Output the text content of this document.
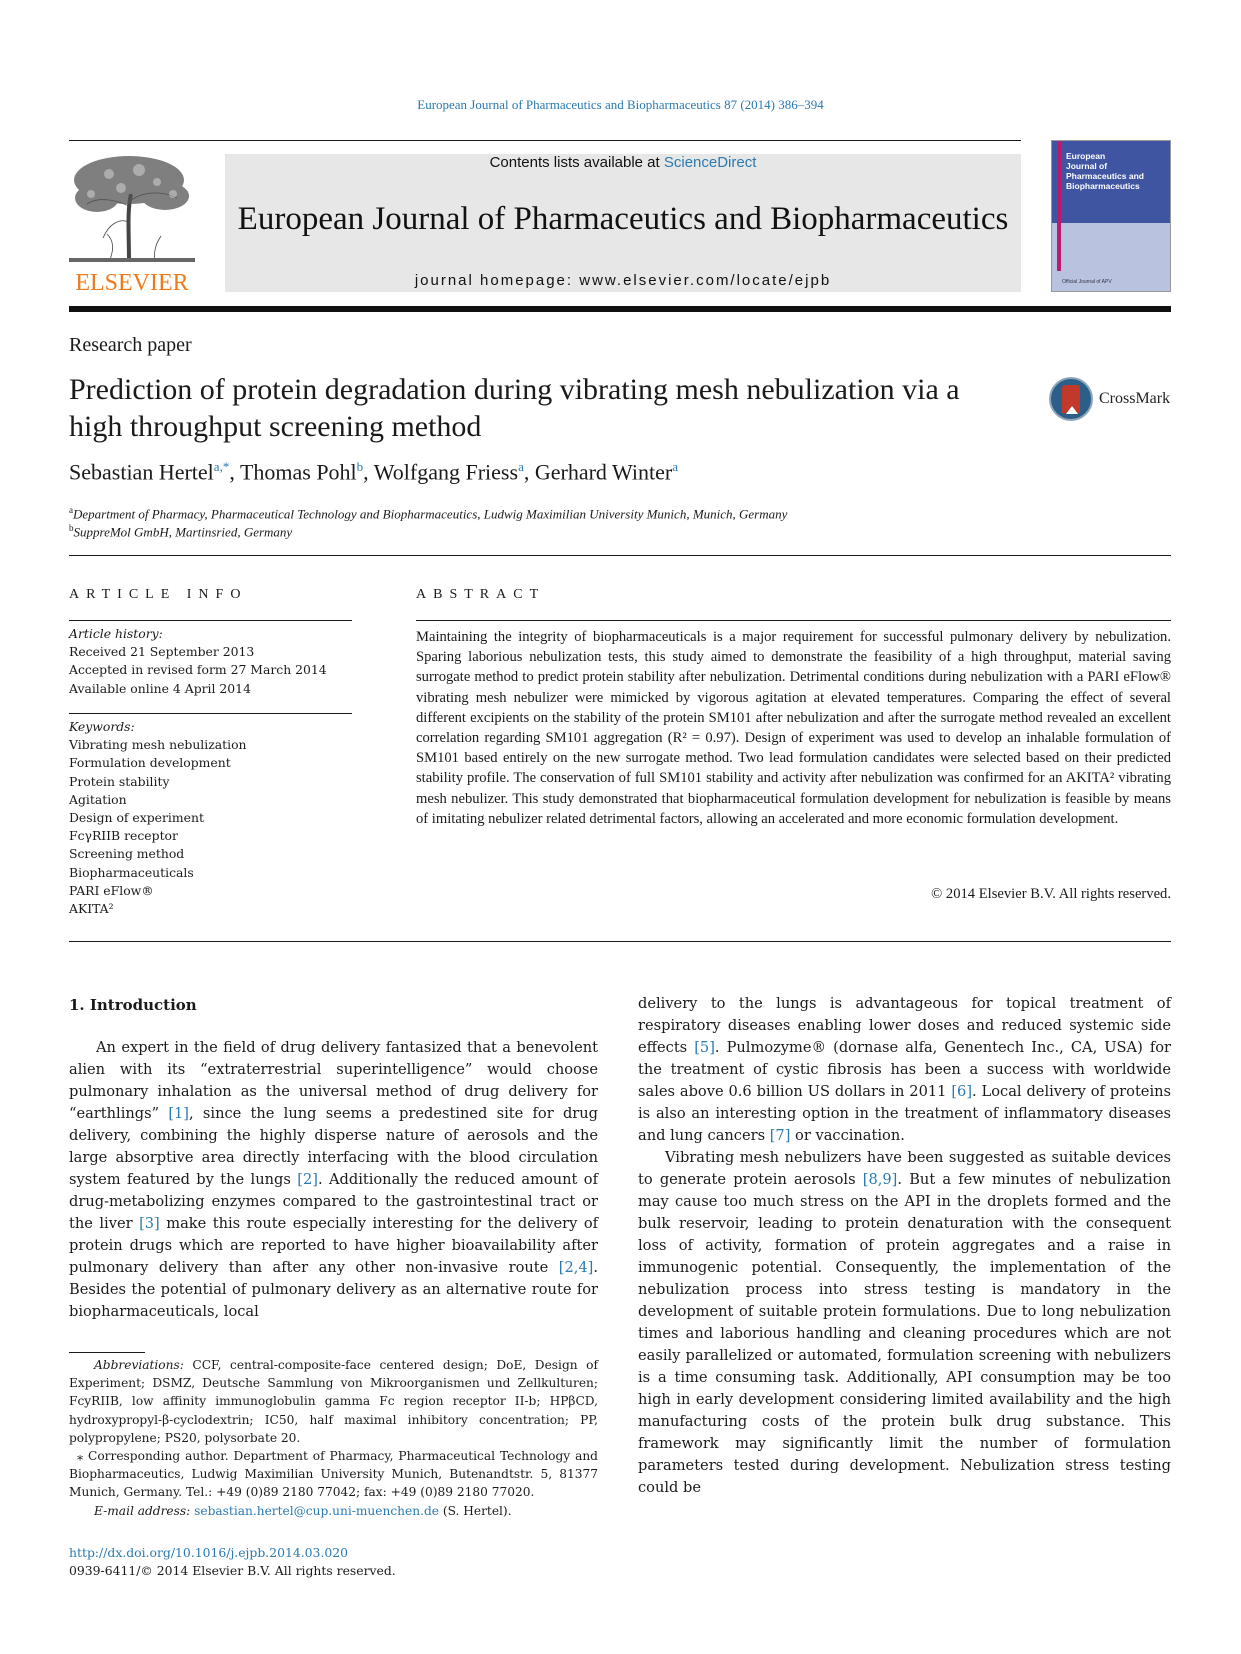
European Journal of Pharmaceutics and Biopharmaceutics 87 (2014) 386–394
ELSEVIER
Contents lists available at ScienceDirect
European Journal of Pharmaceutics and Biopharmaceutics
journal homepage: www.elsevier.com/locate/ejpb
European
Journal of
Pharmaceutics and
Biopharmaceutics
Official Journal of APV
Research paper
Prediction of protein degradation during vibrating mesh nebulization via a high throughput screening method
CrossMark
Sebastian Hertel$^{a,*}$, Thomas Pohl$^b$, Wolfgang Friess$^a$, Gerhard Winter$^a$
$^a$Department of Pharmacy, Pharmaceutical Technology and Biopharmaceutics, Ludwig Maximilian University Munich, Munich, Germany
$^b$SuppreMol GmbH, Martinsried, Germany
ARTICLE INFO
Article history:
Received 21 September 2013
Accepted in revised form 27 March 2014
Available online 4 April 2014
Keywords:
Vibrating mesh nebulization
Formulation development
Protein stability
Agitation
Design of experiment
FcγRIIB receptor
Screening method
Biopharmaceuticals
PARI eFlow®
AKITA²
ABSTRACT
Maintaining the integrity of biopharmaceuticals is a major requirement for successful pulmonary delivery by nebulization. Sparing laborious nebulization tests, this study aimed to demonstrate the feasibility of a high throughput, material saving surrogate method to predict protein stability after nebulization. Detrimental conditions during nebulization with a PARI eFlow® vibrating mesh nebulizer were mimicked by vigorous agitation at elevated temperatures. Comparing the effect of several different excipients on the stability of the protein SM101 after nebulization and after the surrogate method revealed an excellent correlation regarding SM101 aggregation (R² = 0.97). Design of experiment was used to develop an inhalable formulation of SM101 based entirely on the new surrogate method. Two lead formulation candidates were selected based on their predicted stability profile. The conservation of full SM101 stability and activity after nebulization was confirmed for an AKITA² vibrating mesh nebulizer. This study demonstrated that biopharmaceutical formulation development for nebulization is feasible by means of imitating nebulizer related detrimental factors, allowing an accelerated and more economic formulation development.
© 2014 Elsevier B.V. All rights reserved.
1. Introduction

An expert in the field of drug delivery fantasized that a benevolent alien with its “extraterrestrial superintelligence” would choose pulmonary inhalation as the universal method of drug delivery for “earthlings” [1], since the lung seems a predestined site for drug delivery, combining the highly disperse nature of aerosols and the large absorptive area directly interfacing with the blood circulation system featured by the lungs [2]. Additionally the reduced amount of drug-metabolizing enzymes compared to the gastrointestinal tract or the liver [3] make this route especially interesting for the delivery of protein drugs which are reported to have higher bioavailability after pulmonary delivery than after any other non-invasive route [2,4]. Besides the potential of pulmonary delivery as an alternative route for biopharmaceuticals, local

delivery to the lungs is advantageous for topical treatment of respiratory diseases enabling lower doses and reduced systemic side effects [5]. Pulmozyme® (dornase alfa, Genentech Inc., CA, USA) for the treatment of cystic fibrosis has been a success with worldwide sales above 0.6 billion US dollars in 2011 [6]. Local delivery of proteins is also an interesting option in the treatment of inflammatory diseases and lung cancers [7] or vaccination.

Vibrating mesh nebulizers have been suggested as suitable devices to generate protein aerosols [8,9]. But a few minutes of nebulization may cause too much stress on the API in the droplets formed and the bulk reservoir, leading to protein denaturation with the consequent loss of activity, formation of protein aggregates and a raise in immunogenic potential. Consequently, the implementation of the nebulization process into stress testing is mandatory in the development of suitable protein formulations. Due to long nebulization times and laborious handling and cleaning procedures which are not easily parallelized or automated, formulation screening with nebulizers is a time consuming task. Additionally, API consumption may be too high in early development considering limited availability and the high manufacturing costs of the protein bulk drug substance. This framework may significantly limit the number of formulation parameters tested during development. Nebulization stress testing could be

Abbreviations: CCF, central-composite-face centered design; DoE, Design of Experiment; DSMZ, Deutsche Sammlung von Mikroorganismen und Zellkulturen; FcyRIIB, low affinity immunoglobulin gamma Fc region receptor II-b; HPβCD, hydroxypropyl-β-cyclodextrin; IC50, half maximal inhibitory concentration; PP, polypropylene; PS20, polysorbate 20.

⁎ Corresponding author. Department of Pharmacy, Pharmaceutical Technology and Biopharmaceutics, Ludwig Maximilian University Munich, Butenandtstr. 5, 81377 Munich, Germany. Tel.: +49 (0)89 2180 77042; fax: +49 (0)89 2180 77020.

E-mail address: sebastian.hertel@cup.uni-muenchen.de (S. Hertel).

http://dx.doi.org/10.1016/j.ejpb.2014.03.020
0939-6411/© 2014 Elsevier B.V. All rights reserved.
